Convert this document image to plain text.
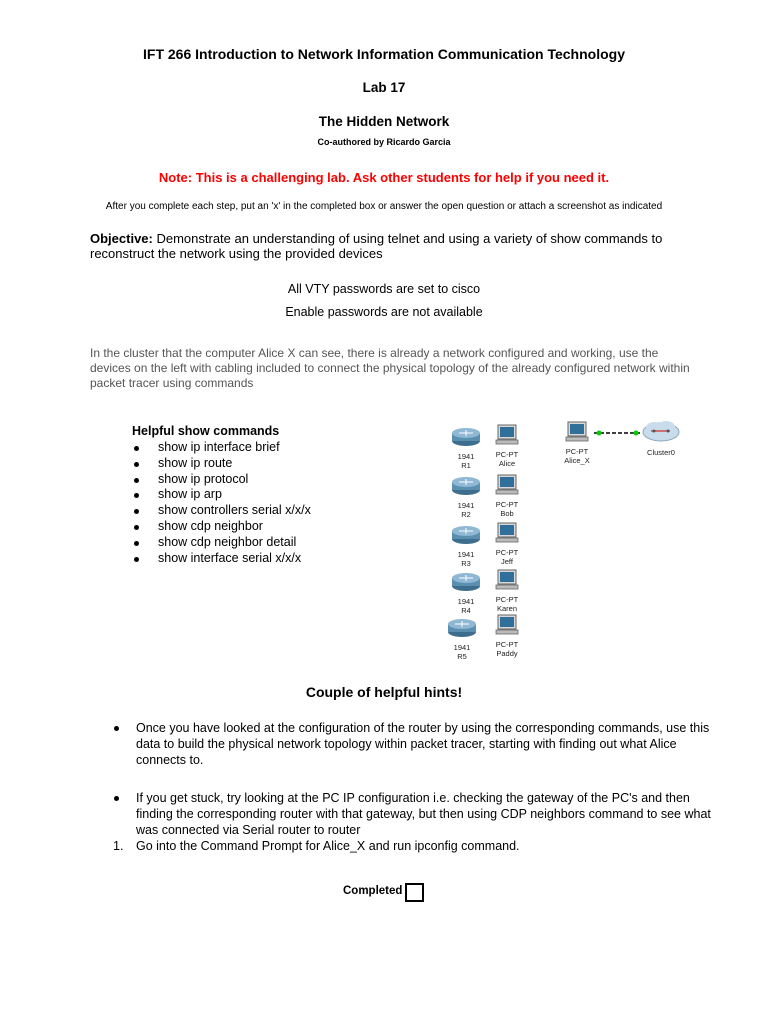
IFT 266 Introduction to Network Information Communication Technology
Lab 17
The Hidden Network
Co-authored by Ricardo Garcia
Note: This is a challenging lab. Ask other students for help if you need it.
After you complete each step, put an 'x' in the completed box or answer the open question or attach a screenshot as indicated
Objective: Demonstrate an understanding of using telnet and using a variety of show commands to reconstruct the network using the provided devices
All VTY passwords are set to cisco
Enable passwords are not available
In the cluster that the computer Alice X can see, there is already a network configured and working, use the devices on the left with cabling included to connect the physical topology of the already configured network within packet tracer using commands
Helpful show commands
show ip interface brief
show ip route
show ip protocol
show ip arp
show controllers serial x/x/x
show cdp neighbor
show cdp neighbor detail
show interface serial x/x/x
1941
R1
1941
R2
1941
R3
1941
R4
1941
R5
PC-PT
Alice
PC-PT
Bob
PC-PT
Jeff
PC-PT
Karen
PC-PT
Paddy
PC-PT
Alice_X
Cluster0
Couple of helpful hints!
Once you have looked at the configuration of the router by using the corresponding commands, use this data to build the physical network topology within packet tracer, starting with finding out what Alice connects to.
If you get stuck, try looking at the PC IP configuration i.e. checking the gateway of the PC's and then finding the corresponding router with that gateway, but then using CDP neighbors command to see what was connected via Serial router to router
1. Go into the Command Prompt for Alice_X and run ipconfig command.
Completed
